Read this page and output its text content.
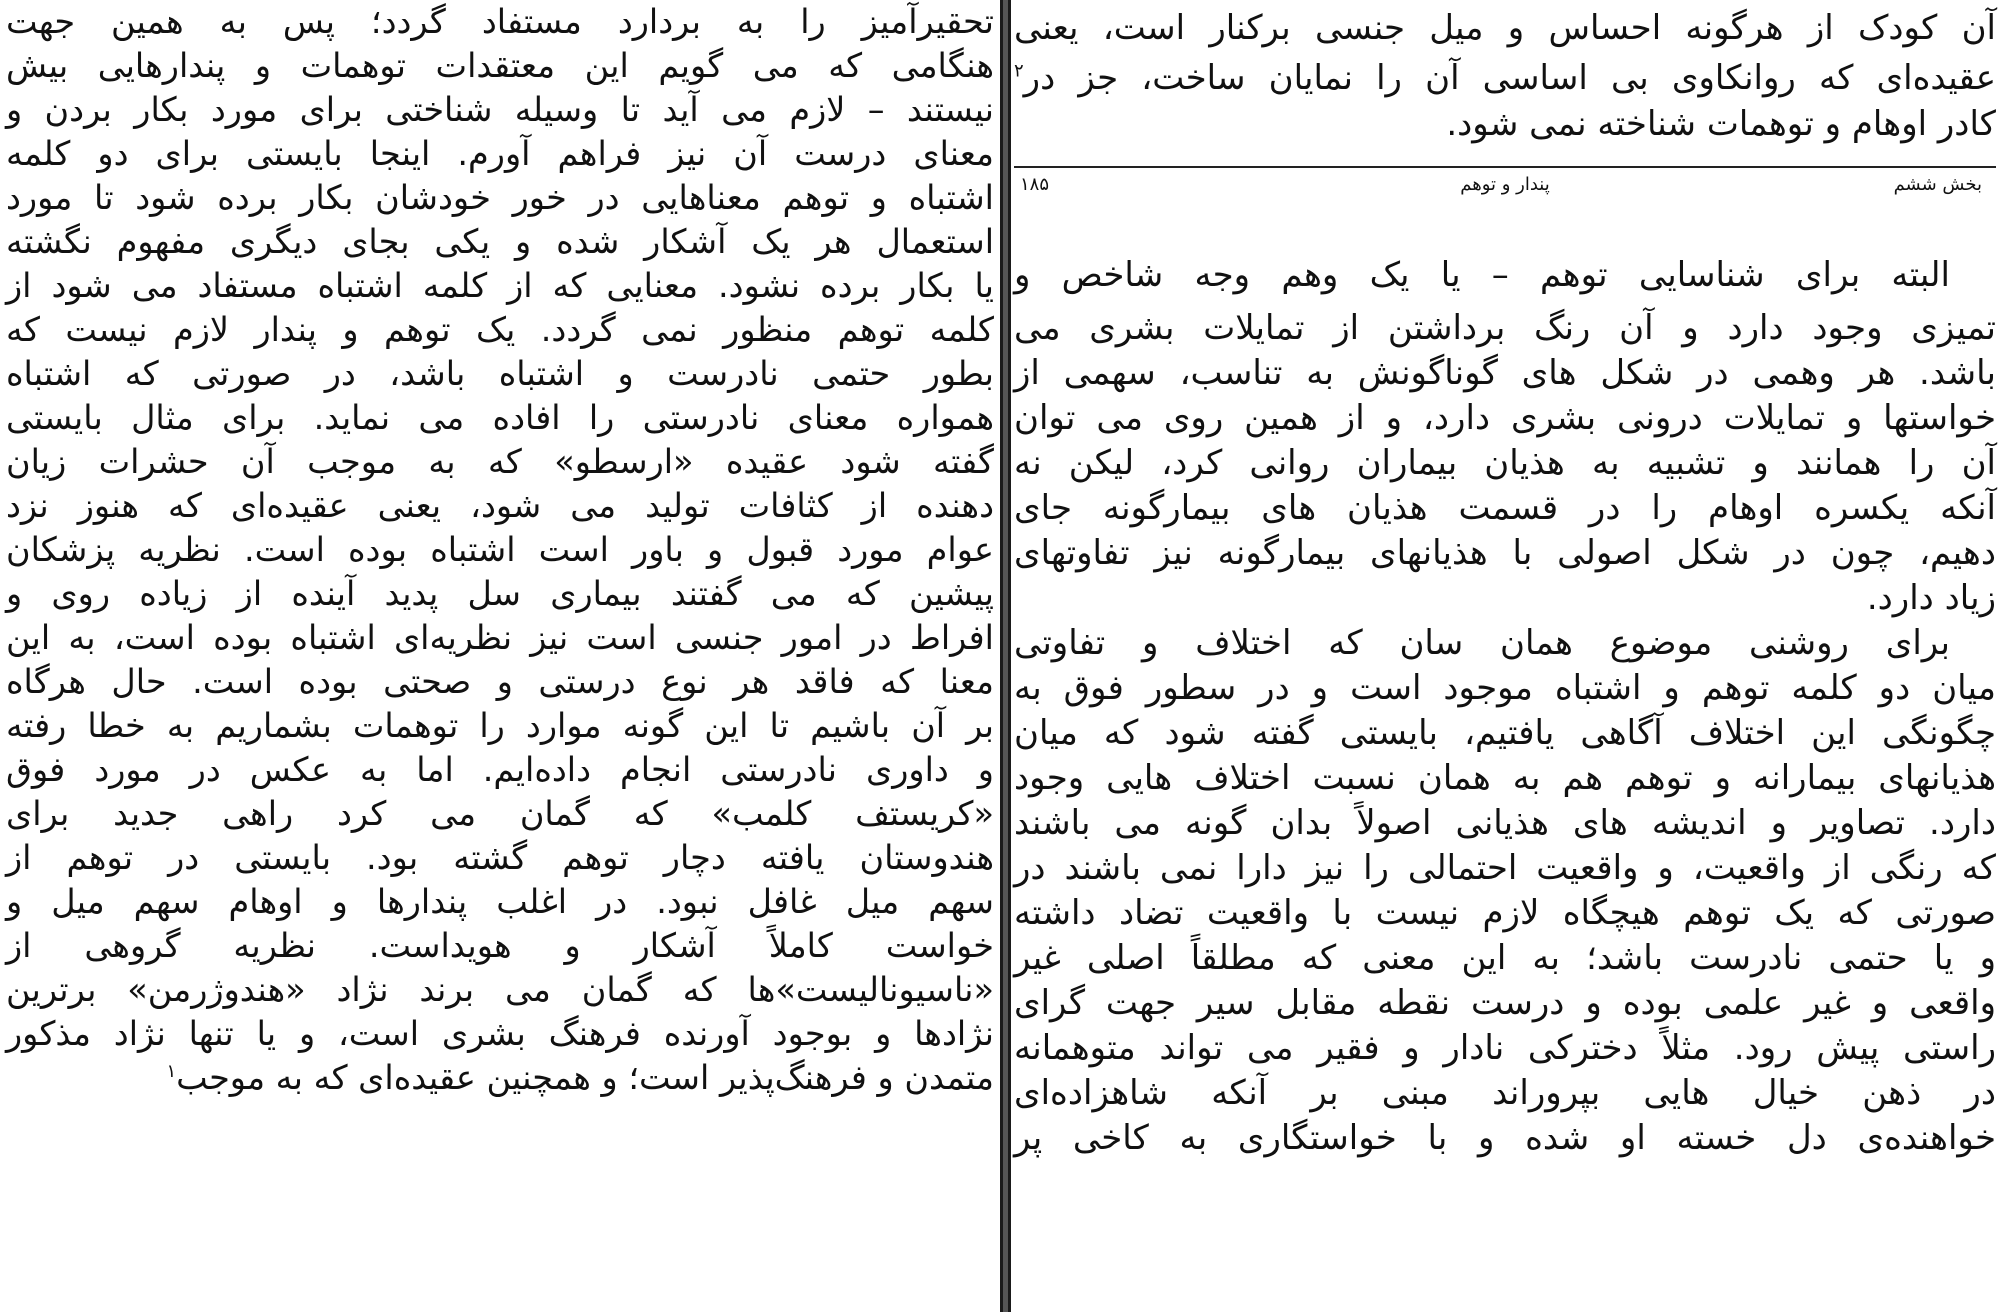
تحقیرآمیز را به بردارد مستفاد گردد؛ پس به همین جهت
هنگامی که می گویم این معتقدات توهمات و پندارهایی بیش
نیستند – لازم می آید تا وسیله شناختی برای مورد بکار بردن و
معنای درست آن نیز فراهم آورم. اینجا بایستی برای دو کلمه
اشتباه و توهم معناهایی در خور خودشان بکار برده شود تا مورد
استعمال هر یک آشکار شده و یکی بجای دیگری مفهوم نگشته
یا بکار برده نشود. معنایی که از کلمه اشتباه مستفاد می شود از
کلمه توهم منظور نمی گردد. یک توهم و پندار لازم نیست که
بطور حتمی نادرست و اشتباه باشد، در صورتی که اشتباه
همواره معنای نادرستی را افاده می نماید. برای مثال بایستی
گفته شود عقیده «ارسطو» که به موجب آن حشرات زیان
دهنده از کثافات تولید می شود، یعنی عقیده‌ای که هنوز نزد
عوام مورد قبول و باور است اشتباه بوده است. نظریه پزشکان
پیشین که می گفتند بیماری سل پدید آینده از زیاده روی و
افراط در امور جنسی است نیز نظریه‌ای اشتباه بوده است، به این
معنا که فاقد هر نوع درستی و صحتی بوده است. حال هرگاه
بر آن باشیم تا این گونه موارد را توهمات بشماریم به خطا رفته
و داوری نادرستی انجام داده‌ایم. اما به عکس در مورد فوق
«کریستف کلمب» که گمان می کرد راهی جدید برای
هندوستان یافته دچار توهم گشته بود. بایستی در توهم از
سهم میل غافل نبود. در اغلب پندارها و اوهام سهم میل و
خواست کاملاً آشکار و هویداست. نظریه گروهی از
«ناسیونالیست»ها که گمان می برند نژاد «هندوژرمن» برترین
نژادها و بوجود آورنده فرهنگ بشری است، و یا تنها نژاد مذکور
متمدن و فرهنگ‌پذیر است؛ و همچنین عقیده‌ای که به موجب$^۱$
آن کودک از هرگونه احساس و میل جنسی برکنار است، یعنی
عقیده‌ای که روانکاوی بی اساسی آن را نمایان ساخت، جز در$^۲$
کادر اوهام و توهمات شناخته نمی شود.
بخش ششم
پندار و توهم
۱۸۵
البته برای شناسایی توهم – یا یک وهم وجه شاخص و
تمیزی وجود دارد و آن رنگ برداشتن از تمایلات بشری می
باشد. هر وهمی در شکل های گوناگونش به تناسب، سهمی از
خواستها و تمایلات درونی بشری دارد، و از همین روی می توان
آن را همانند و تشبیه به هذیان بیماران روانی کرد، لیکن نه
آنکه یکسره اوهام را در قسمت هذیان های بیمارگونه جای
دهیم، چون در شکل اصولی با هذیانهای بیمارگونه نیز تفاوتهای
زیاد دارد.
برای روشنی موضوع همان سان که اختلاف و تفاوتی
میان دو کلمه توهم و اشتباه موجود است و در سطور فوق به
چگونگی این اختلاف آگاهی یافتیم، بایستی گفته شود که میان
هذیانهای بیمارانه و توهم هم به همان نسبت اختلاف هایی وجود
دارد. تصاویر و اندیشه های هذیانی اصولاً بدان گونه می باشند
که رنگی از واقعیت، و واقعیت احتمالی را نیز دارا نمی باشند در
صورتی که یک توهم هیچگاه لازم نیست با واقعیت تضاد داشته
و یا حتمی نادرست باشد؛ به این معنی که مطلقاً اصلی غیر
واقعی و غیر علمی بوده و درست نقطه مقابل سیر جهت گرای
راستی پیش رود. مثلاً دخترکی نادار و فقیر می تواند متوهمانه
در ذهن خیال هایی بپروراند مبنی بر آنکه شاهزاده‌ای
خواهنده‌ی دل خسته او شده و با خواستگاری به کاخی پر
